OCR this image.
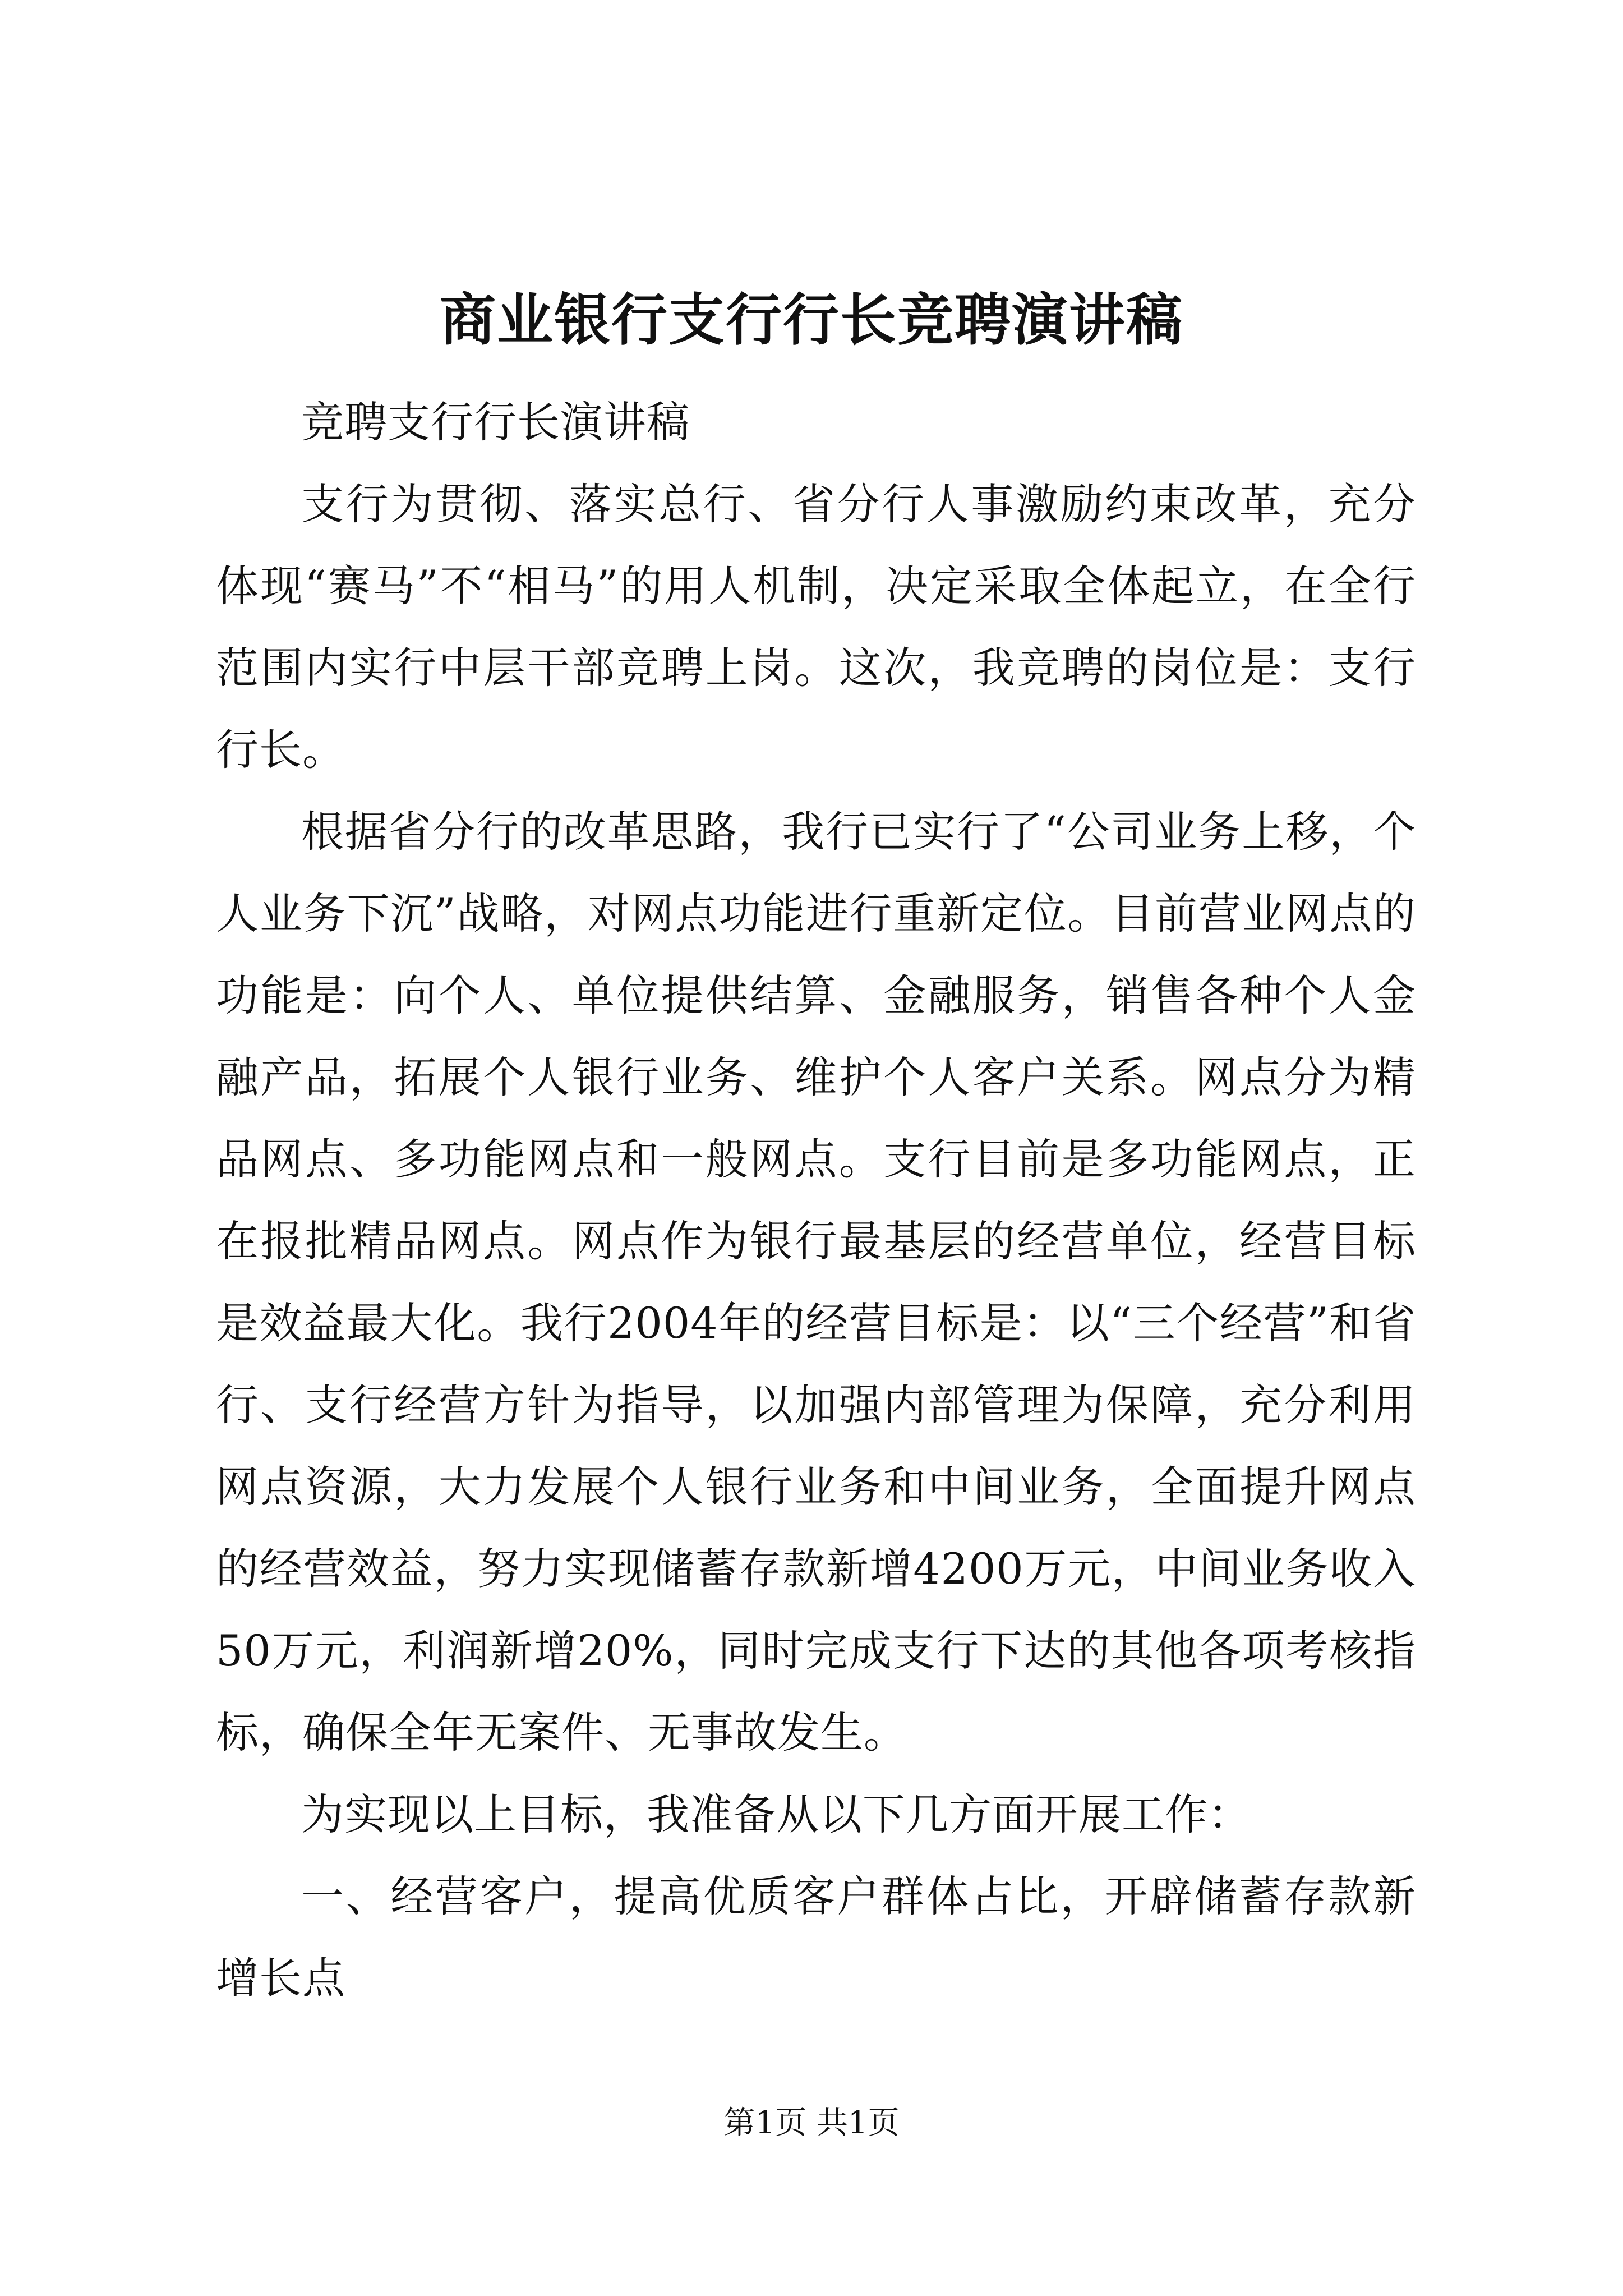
商业银行支行行长竞聘演讲稿

竞聘支行行长演讲稿

支行为贯彻、落实总行、省分行人事激励约束改革，充分体现“赛马”不“相马”的用人机制，决定采取全体起立，在全行范围内实行中层干部竞聘上岗。这次，我竞聘的岗位是：支行行长。

根据省分行的改革思路，我行已实行了“公司业务上移，个人业务下沉”战略，对网点功能进行重新定位。目前营业网点的功能是：向个人、单位提供结算、金融服务，销售各种个人金融产品，拓展个人银行业务、维护个人客户关系。网点分为精品网点、多功能网点和一般网点。支行目前是多功能网点，正在报批精品网点。网点作为银行最基层的经营单位，经营目标是效益最大化。我行2004年的经营目标是：以“三个经营”和省行、支行经营方针为指导，以加强内部管理为保障，充分利用网点资源，大力发展个人银行业务和中间业务，全面提升网点的经营效益，努力实现储蓄存款新增4200万元，中间业务收入50万元，利润新增20%，同时完成支行下达的其他各项考核指标，确保全年无案件、无事故发生。

为实现以上目标，我准备从以下几方面开展工作：

一、经营客户，提高优质客户群体占比，开辟储蓄存款新增长点

第1页 共1页
